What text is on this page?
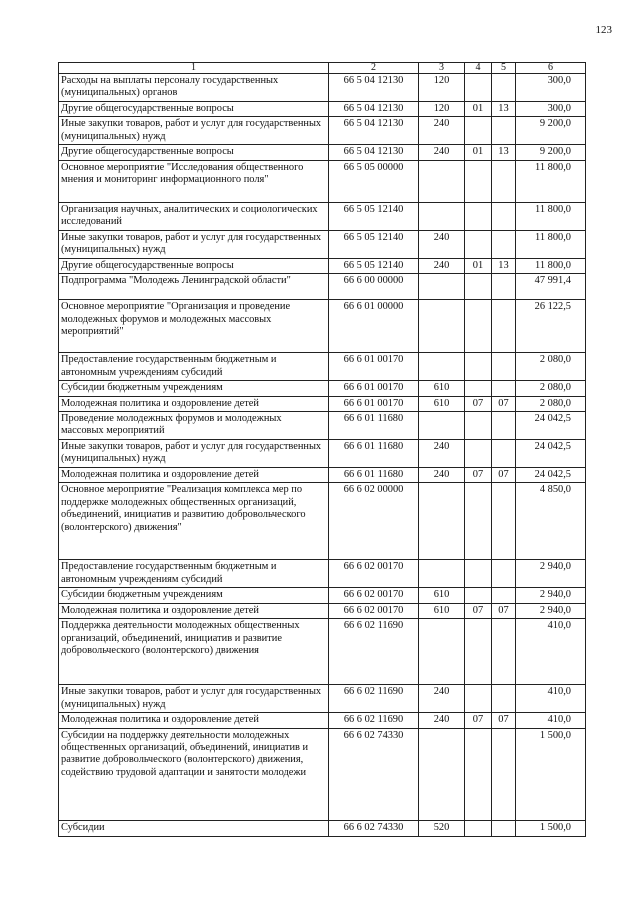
123
1	2	3	4	5	6
Расходы на выплаты персоналу государственных (муниципальных) органов	66 5 04 12130	120			300,0
Другие общегосударственные вопросы	66 5 04 12130	120	01	13	300,0
Иные закупки товаров, работ и услуг для государственных (муниципальных) нужд	66 5 04 12130	240			9 200,0
Другие общегосударственные вопросы	66 5 04 12130	240	01	13	9 200,0
Основное мероприятие "Исследования общественного мнения и мониторинг информационного поля"	66 5 05 00000				11 800,0
Организация научных, аналитических и социологических исследований	66 5 05 12140				11 800,0
Иные закупки товаров, работ и услуг для государственных (муниципальных) нужд	66 5 05 12140	240			11 800,0
Другие общегосударственные вопросы	66 5 05 12140	240	01	13	11 800,0
Подпрограмма "Молодежь Ленинградской области"	66 6 00 00000				47 991,4
Основное мероприятие "Организация и проведение молодежных форумов и молодежных массовых мероприятий"	66 6 01 00000				26 122,5
Предоставление государственным бюджетным и автономным учреждениям субсидий	66 6 01 00170				2 080,0
Субсидии бюджетным учреждениям	66 6 01 00170	610			2 080,0
Молодежная политика и оздоровление детей	66 6 01 00170	610	07	07	2 080,0
Проведение молодежных форумов и молодежных массовых мероприятий	66 6 01 11680				24 042,5
Иные закупки товаров, работ и услуг для государственных (муниципальных) нужд	66 6 01 11680	240			24 042,5
Молодежная политика и оздоровление детей	66 6 01 11680	240	07	07	24 042,5
Основное мероприятие "Реализация комплекса мер по поддержке молодежных общественных организаций, объединений, инициатив и развитию добровольческого (волонтерского) движения"	66 6 02 00000				4 850,0
Предоставление государственным бюджетным и автономным учреждениям субсидий	66 6 02 00170				2 940,0
Субсидии бюджетным учреждениям	66 6 02 00170	610			2 940,0
Молодежная политика и оздоровление детей	66 6 02 00170	610	07	07	2 940,0
Поддержка деятельности молодежных общественных организаций, объединений, инициатив и развитие добровольческого (волонтерского) движения	66 6 02 11690				410,0
Иные закупки товаров, работ и услуг для государственных (муниципальных) нужд	66 6 02 11690	240			410,0
Молодежная политика и оздоровление детей	66 6 02 11690	240	07	07	410,0
Субсидии на поддержку деятельности молодежных общественных организаций, объединений, инициатив и развитие добровольческого (волонтерского) движения, содействию трудовой адаптации и занятости молодежи	66 6 02 74330				1 500,0
Субсидии	66 6 02 74330	520			1 500,0
